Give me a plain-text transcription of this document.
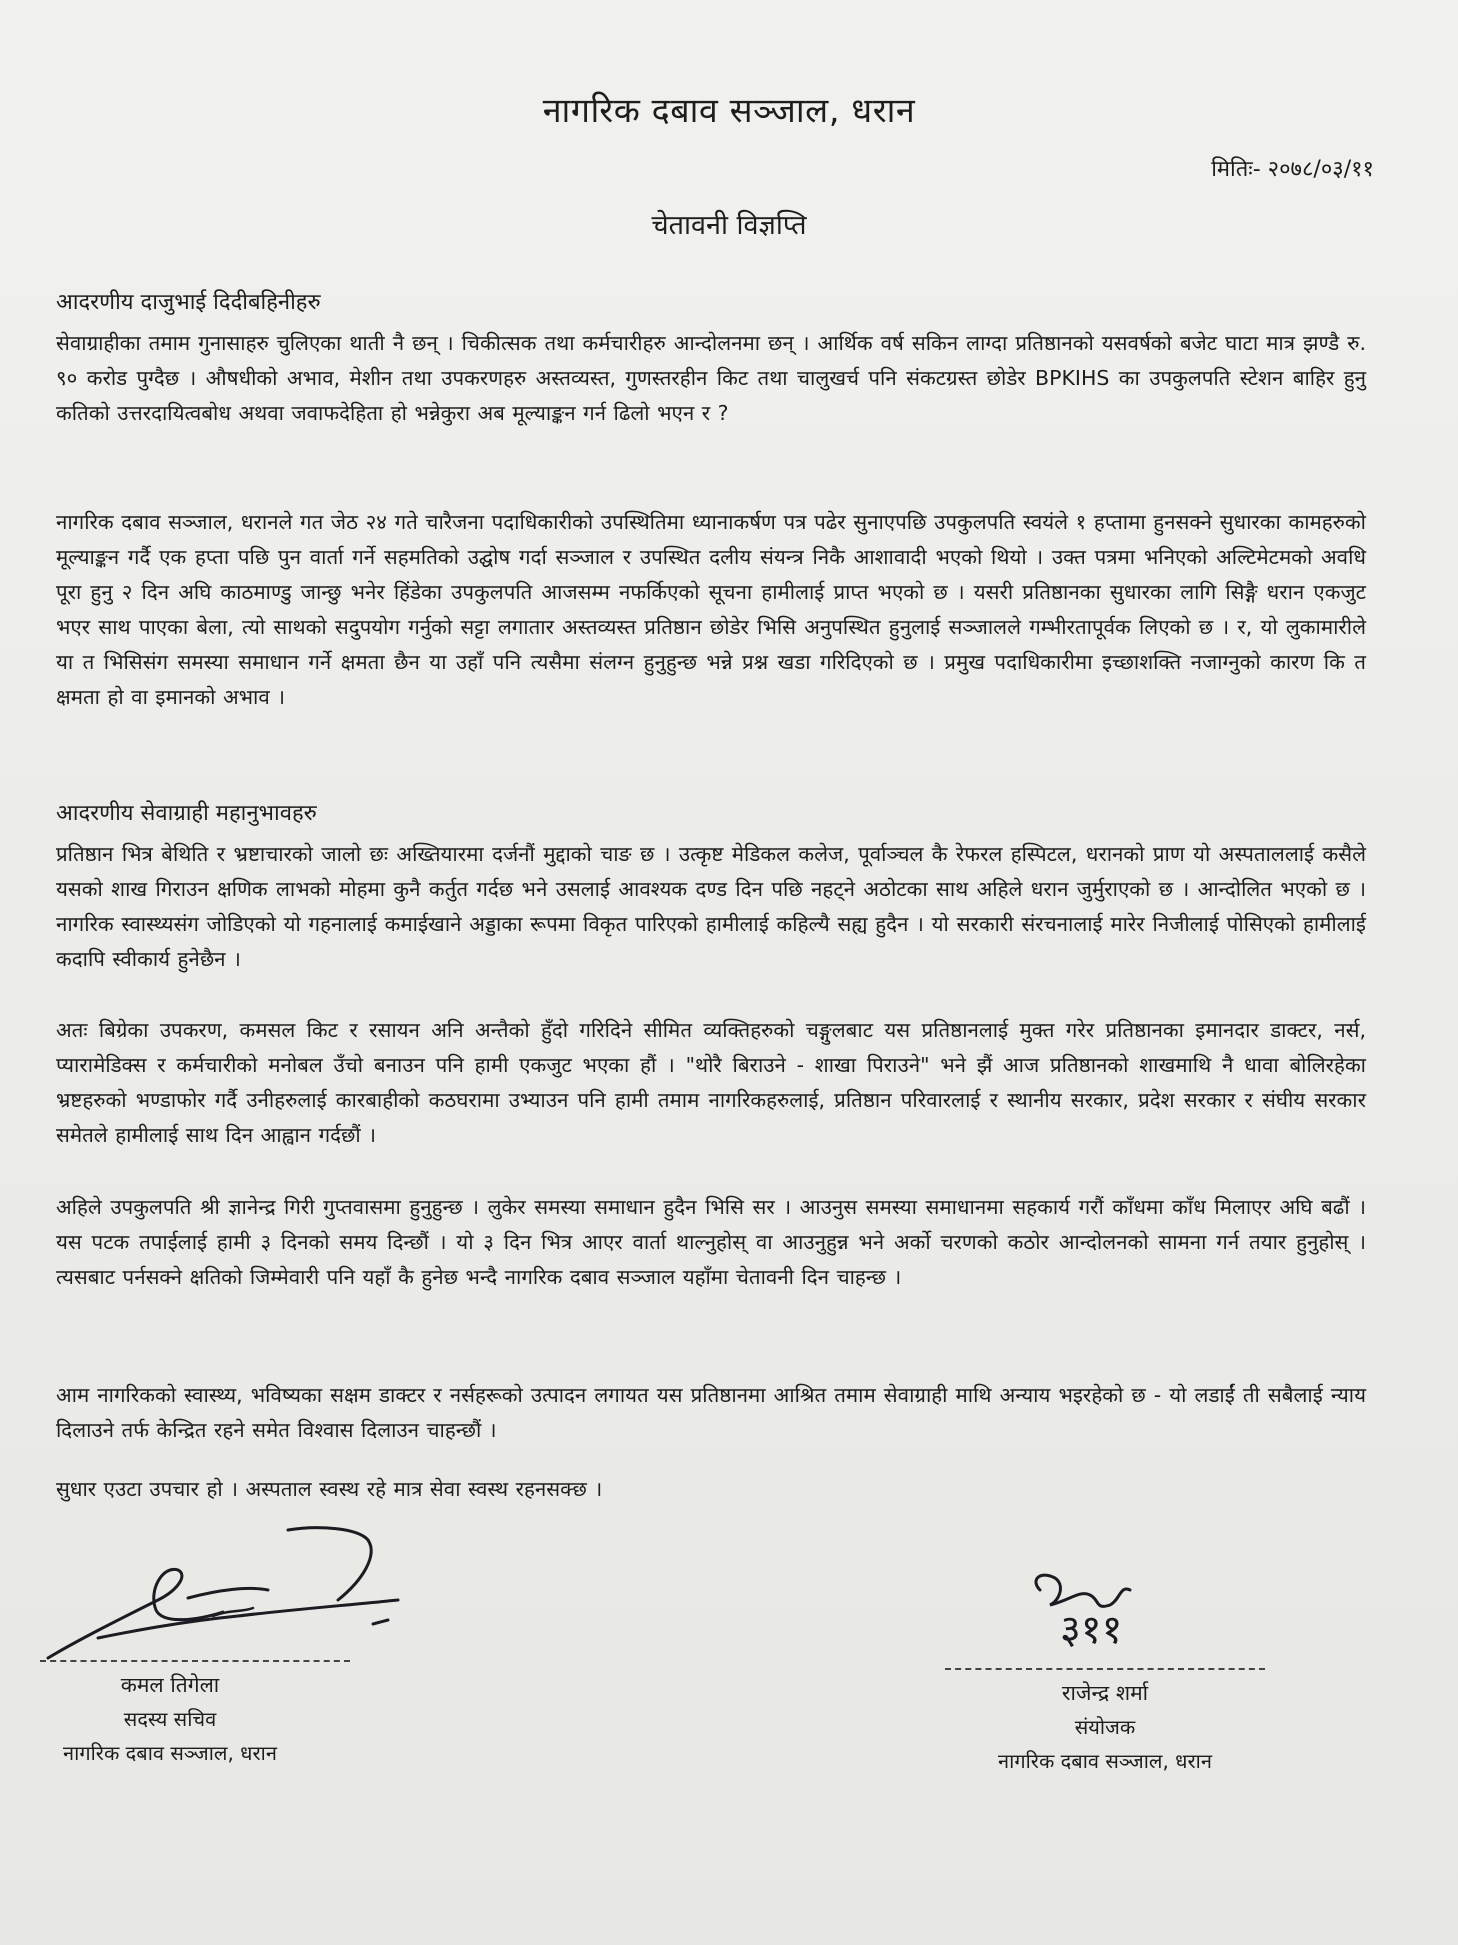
नागरिक दबाव सञ्जाल, धरान
मितिः- २०७८/०३/११
चेतावनी विज्ञप्ति
आदरणीय दाजुभाई दिदीबहिनीहरु
सेवाग्राहीका तमाम गुनासाहरु चुलिएका थाती नै छन् । चिकीत्सक तथा कर्मचारीहरु आन्दोलनमा छन् । आर्थिक वर्ष सकिन लाग्दा प्रतिष्ठानको यसवर्षको बजेट घाटा मात्र झण्डै रु. ९० करोड पुग्दैछ । औषधीको अभाव, मेशीन तथा उपकरणहरु अस्तव्यस्त, गुणस्तरहीन किट तथा चालुखर्च पनि संकटग्रस्त छोडेर BPKIHS का उपकुलपति स्टेशन बाहिर हुनु कतिको उत्तरदायित्वबोध अथवा जवाफदेहिता हो भन्नेकुरा अब मूल्याङ्कन गर्न ढिलो भएन र ?
नागरिक दबाव सञ्जाल, धरानले गत जेठ २४ गते चारैजना पदाधिकारीको उपस्थितिमा ध्यानाकर्षण पत्र पढेर सुनाएपछि उपकुलपति स्वयंले १ हप्तामा हुनसक्ने सुधारका कामहरुको मूल्याङ्कन गर्दै एक हप्ता पछि पुन वार्ता गर्ने सहमतिको उद्घोष गर्दा सञ्जाल र उपस्थित दलीय संयन्त्र निकै आशावादी भएको थियो । उक्त पत्रमा भनिएको अल्टिमेटमको अवधि पूरा हुनु २ दिन अघि काठमाण्डु जान्छु भनेर हिंडेका उपकुलपति आजसम्म नफर्किएको सूचना हामीलाई प्राप्त भएको छ । यसरी प्रतिष्ठानका सुधारका लागि सिङ्गै धरान एकजुट भएर साथ पाएका बेला, त्यो साथको सदुपयोग गर्नुको सट्टा लगातार अस्तव्यस्त प्रतिष्ठान छोडेर भिसि अनुपस्थित हुनुलाई सञ्जालले गम्भीरतापूर्वक लिएको छ । र, यो लुकामारीले या त भिसिसंग समस्या समाधान गर्ने क्षमता छैन या उहाँ पनि त्यसैमा संलग्न हुनुहुन्छ भन्ने प्रश्न खडा गरिदिएको छ । प्रमुख पदाधिकारीमा इच्छाशक्ति नजाग्नुको कारण कि त क्षमता हो वा इमानको अभाव ।
आदरणीय सेवाग्राही महानुभावहरु
प्रतिष्ठान भित्र बेथिति र भ्रष्टाचारको जालो छः अख्तियारमा दर्जनौं मुद्दाको चाङ छ । उत्कृष्ट मेडिकल कलेज, पूर्वाञ्चल कै रेफरल हस्पिटल, धरानको प्राण यो अस्पताललाई कसैले यसको शाख गिराउन क्षणिक लाभको मोहमा कुनै कर्तुत गर्दछ भने उसलाई आवश्यक दण्ड दिन पछि नहट्ने अठोटका साथ अहिले धरान जुर्मुराएको छ । आन्दोलित भएको छ । नागरिक स्वास्थ्यसंग जोडिएको यो गहनालाई कमाईखाने अड्डाका रूपमा विकृत पारिएको हामीलाई कहिल्यै सह्य हुदैन । यो सरकारी संरचनालाई मारेर निजीलाई पोसिएको हामीलाई कदापि स्वीकार्य हुनेछैन ।
अतः बिग्रेका उपकरण, कमसल किट र रसायन अनि अन्तैको हुँदो गरिदिने सीमित व्यक्तिहरुको चङ्गुलबाट यस प्रतिष्ठानलाई मुक्त गरेर प्रतिष्ठानका इमानदार डाक्टर, नर्स, प्यारामेडिक्स र कर्मचारीको मनोबल उँचो बनाउन पनि हामी एकजुट भएका हौं । "थोरै बिराउने - शाखा पिराउने" भने झैं आज प्रतिष्ठानको शाखमाथि नै धावा बोलिरहेका भ्रष्टहरुको भण्डाफोर गर्दै उनीहरुलाई कारबाहीको कठघरामा उभ्याउन पनि हामी तमाम नागरिकहरुलाई, प्रतिष्ठान परिवारलाई र स्थानीय सरकार, प्रदेश सरकार र संघीय सरकार समेतले हामीलाई साथ दिन आह्वान गर्दछौं ।
अहिले उपकुलपति श्री ज्ञानेन्द्र गिरी गुप्तवासमा हुनुहुन्छ । लुकेर समस्या समाधान हुदैन भिसि सर । आउनुस समस्या समाधानमा सहकार्य गरौं काँधमा काँध मिलाएर अघि बढौं । यस पटक तपाईलाई हामी ३ दिनको समय दिन्छौं । यो ३ दिन भित्र आएर वार्ता थाल्नुहोस् वा आउनुहुन्न भने अर्को चरणको कठोर आन्दोलनको सामना गर्न तयार हुनुहोस् । त्यसबाट पर्नसक्ने क्षतिको जिम्मेवारी पनि यहाँ कै हुनेछ भन्दै नागरिक दबाव सञ्जाल यहाँमा चेतावनी दिन चाहन्छ ।
आम नागरिकको स्वास्थ्य, भविष्यका सक्षम डाक्टर र नर्सहरूको उत्पादन लगायत यस प्रतिष्ठानमा आश्रित तमाम सेवाग्राही माथि अन्याय भइरहेको छ - यो लडाईं ती सबैलाई न्याय दिलाउने तर्फ केन्द्रित रहने समेत विश्वास दिलाउन चाहन्छौं ।
सुधार एउटा उपचार हो । अस्पताल स्वस्थ रहे मात्र सेवा स्वस्थ रहनसक्छ ।
कमल तिगेला
सदस्य सचिव
नागरिक दबाव सञ्जाल, धरान
३११
राजेन्द्र शर्मा
संयोजक
नागरिक दबाव सञ्जाल, धरान
